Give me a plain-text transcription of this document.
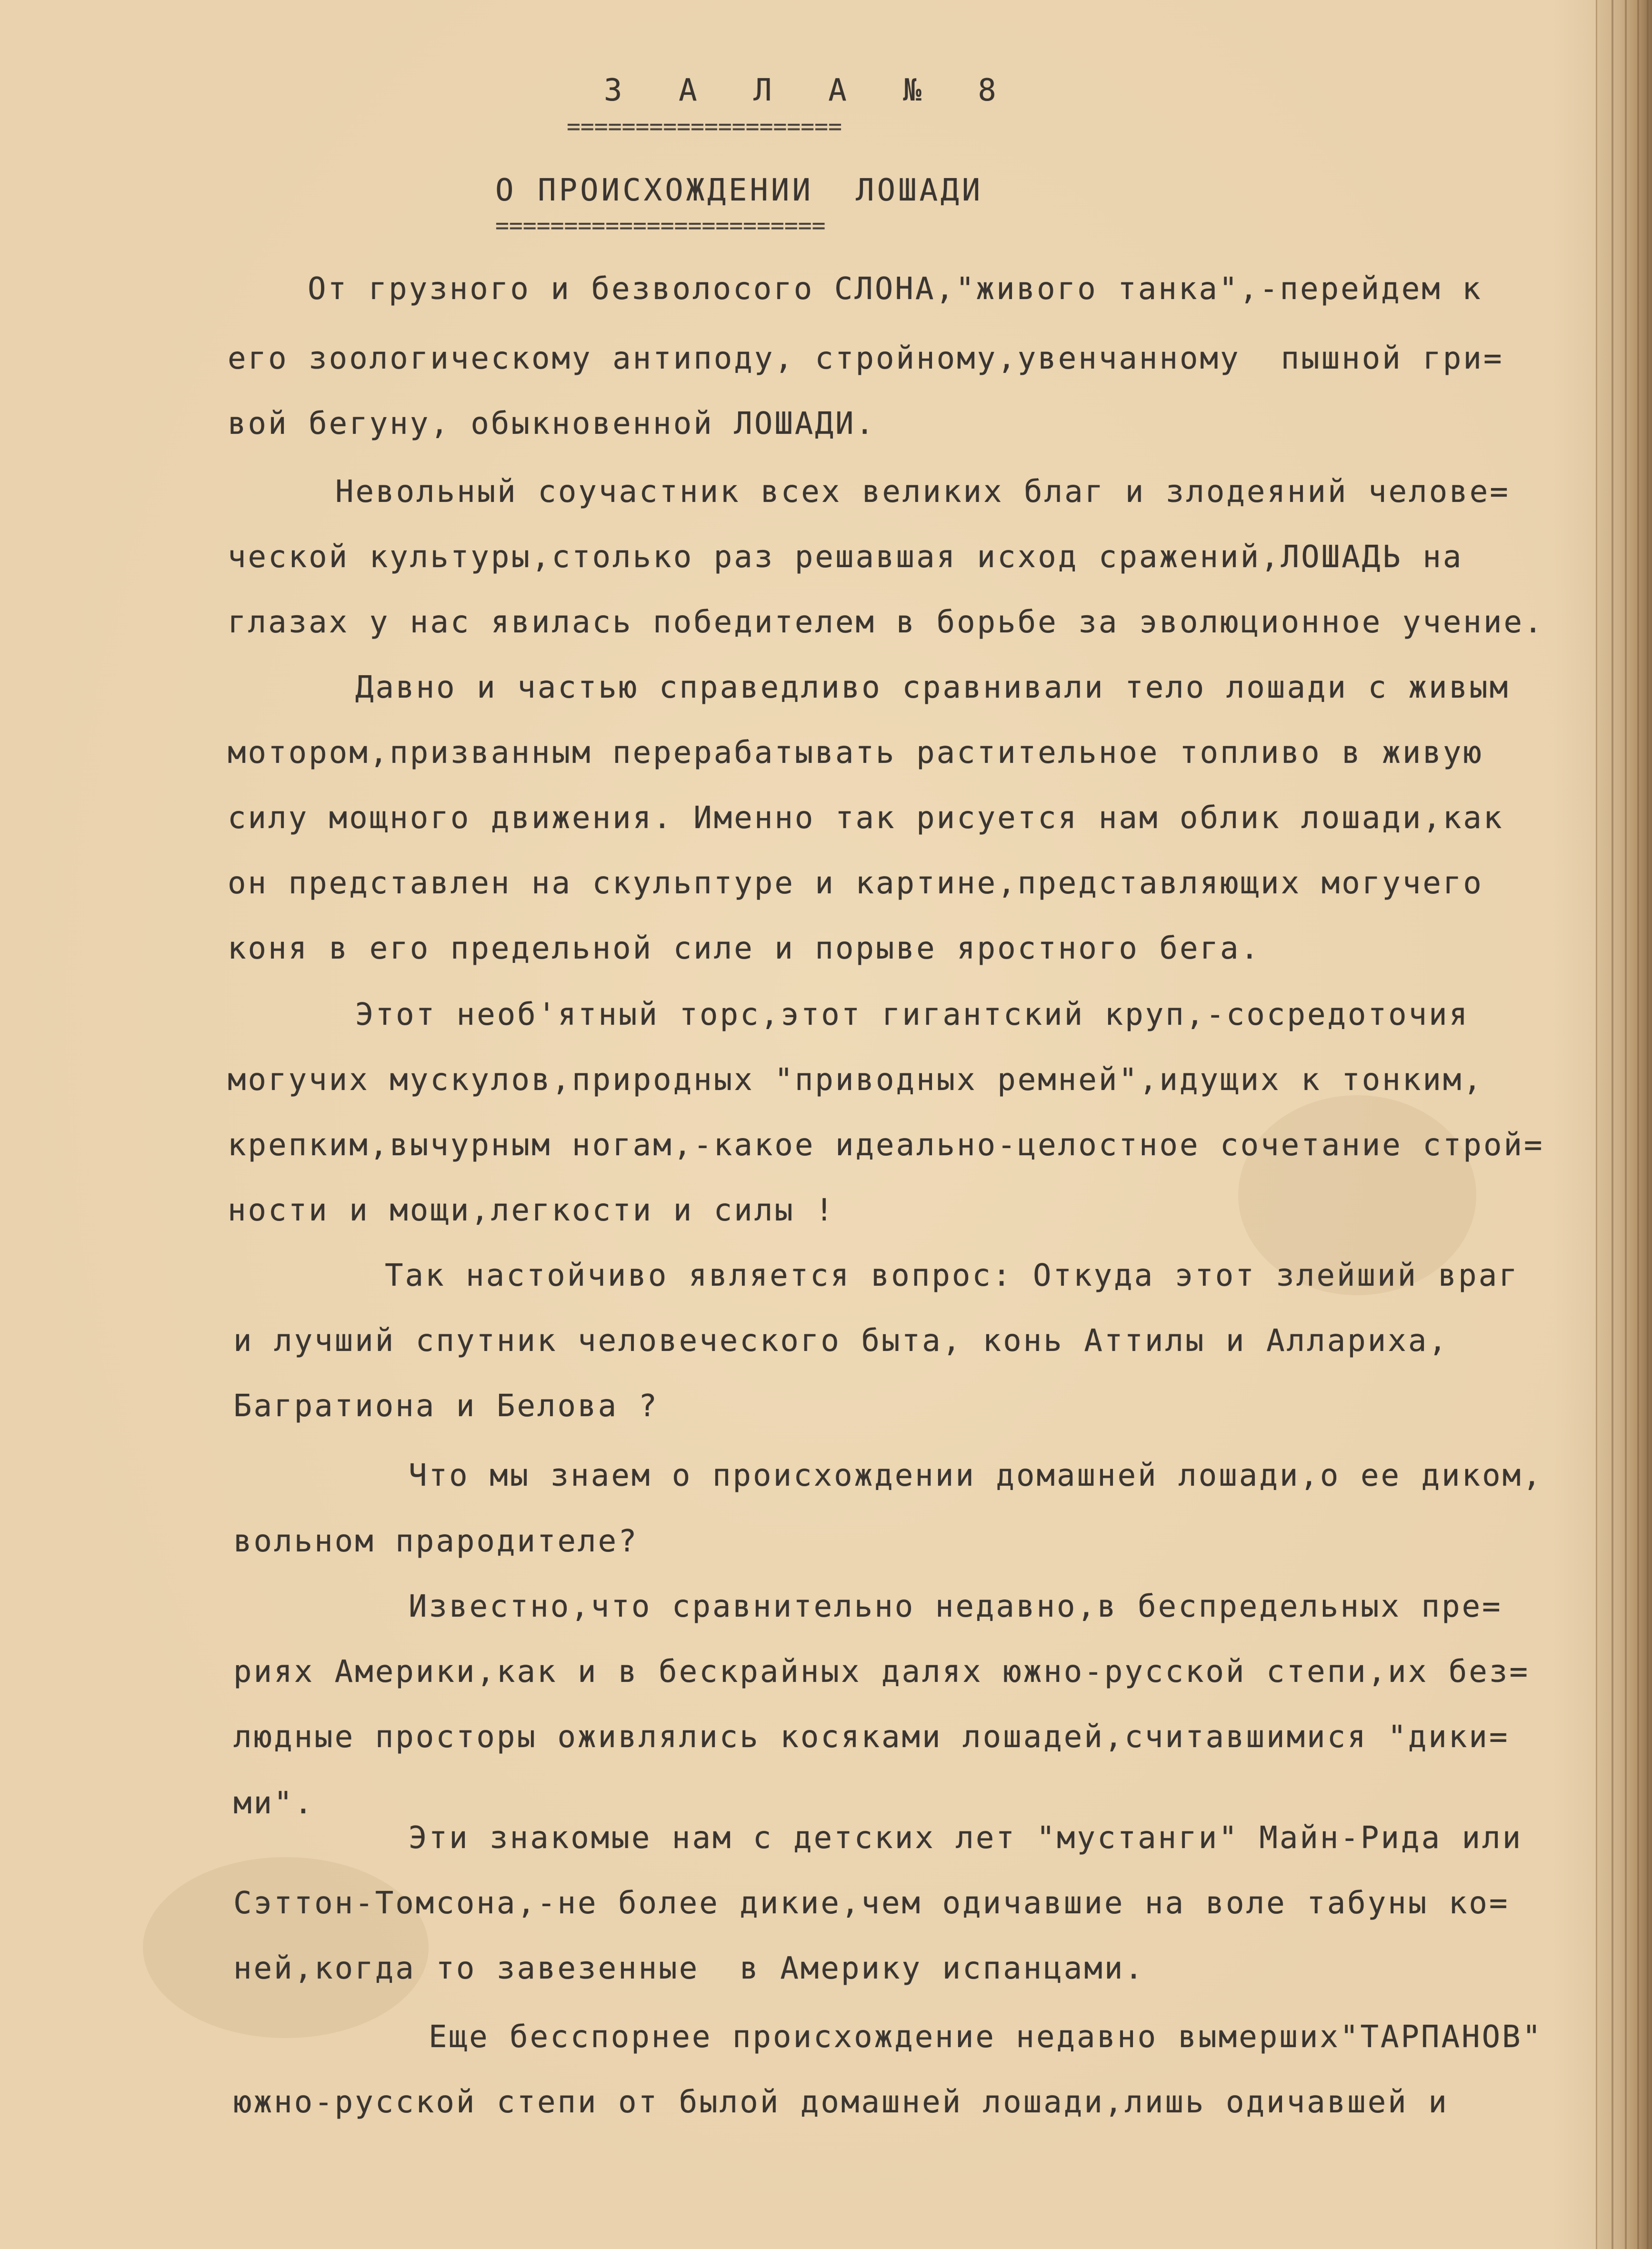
З А Л А № 8

====================

О ПРОИСХОЖДЕНИИ  ЛОШАДИ

========================

От грузного и безволосого СЛОНА,"живого танка",-перейдем к

его зоологическому антиподу, стройному,увенчанному  пышной гри=

вой бегуну, обыкновенной ЛОШАДИ.

Невольный соучастник всех великих благ и злодеяний челове=

ческой культуры,столько раз решавшая исход сражений,ЛОШАДЬ на

глазах у нас явилась победителем в борьбе за эволюционное учение.

Давно и частью справедливо сравнивали тело лошади с живым

мотором,призванным перерабатывать растительное топливо в живую

силу мощного движения. Именно так рисуется нам облик лошади,как

он представлен на скульптуре и картине,представляющих могучего

коня в его предельной силе и порыве яростного бега.

Этот необ'ятный торс,этот гигантский круп,-сосредоточия

могучих мускулов,природных "приводных ремней",идущих к тонким,

крепким,вычурным ногам,-какое идеально-целостное сочетание строй=

ности и мощи,легкости и силы !

Так настойчиво является вопрос: Откуда этот злейший враг

и лучший спутник человеческого быта, конь Аттилы и Аллариха,

Багратиона и Белова ?

Что мы знаем о происхождении домашней лошади,о ее диком,

вольном прародителе?

Известно,что сравнительно недавно,в беспредельных пре=

риях Америки,как и в бескрайных далях южно-русской степи,их без=

людные просторы оживлялись косяками лошадей,считавшимися "дики=

ми".

Эти знакомые нам с детских лет "мустанги" Майн-Рида или

Сэттон-Томсона,-не более дикие,чем одичавшие на воле табуны ко=

ней,когда то завезенные  в Америку испанцами.

Еще бесспорнее происхождение недавно вымерших"ТАРПАНОВ"

южно-русской степи от былой домашней лошади,лишь одичавшей и
